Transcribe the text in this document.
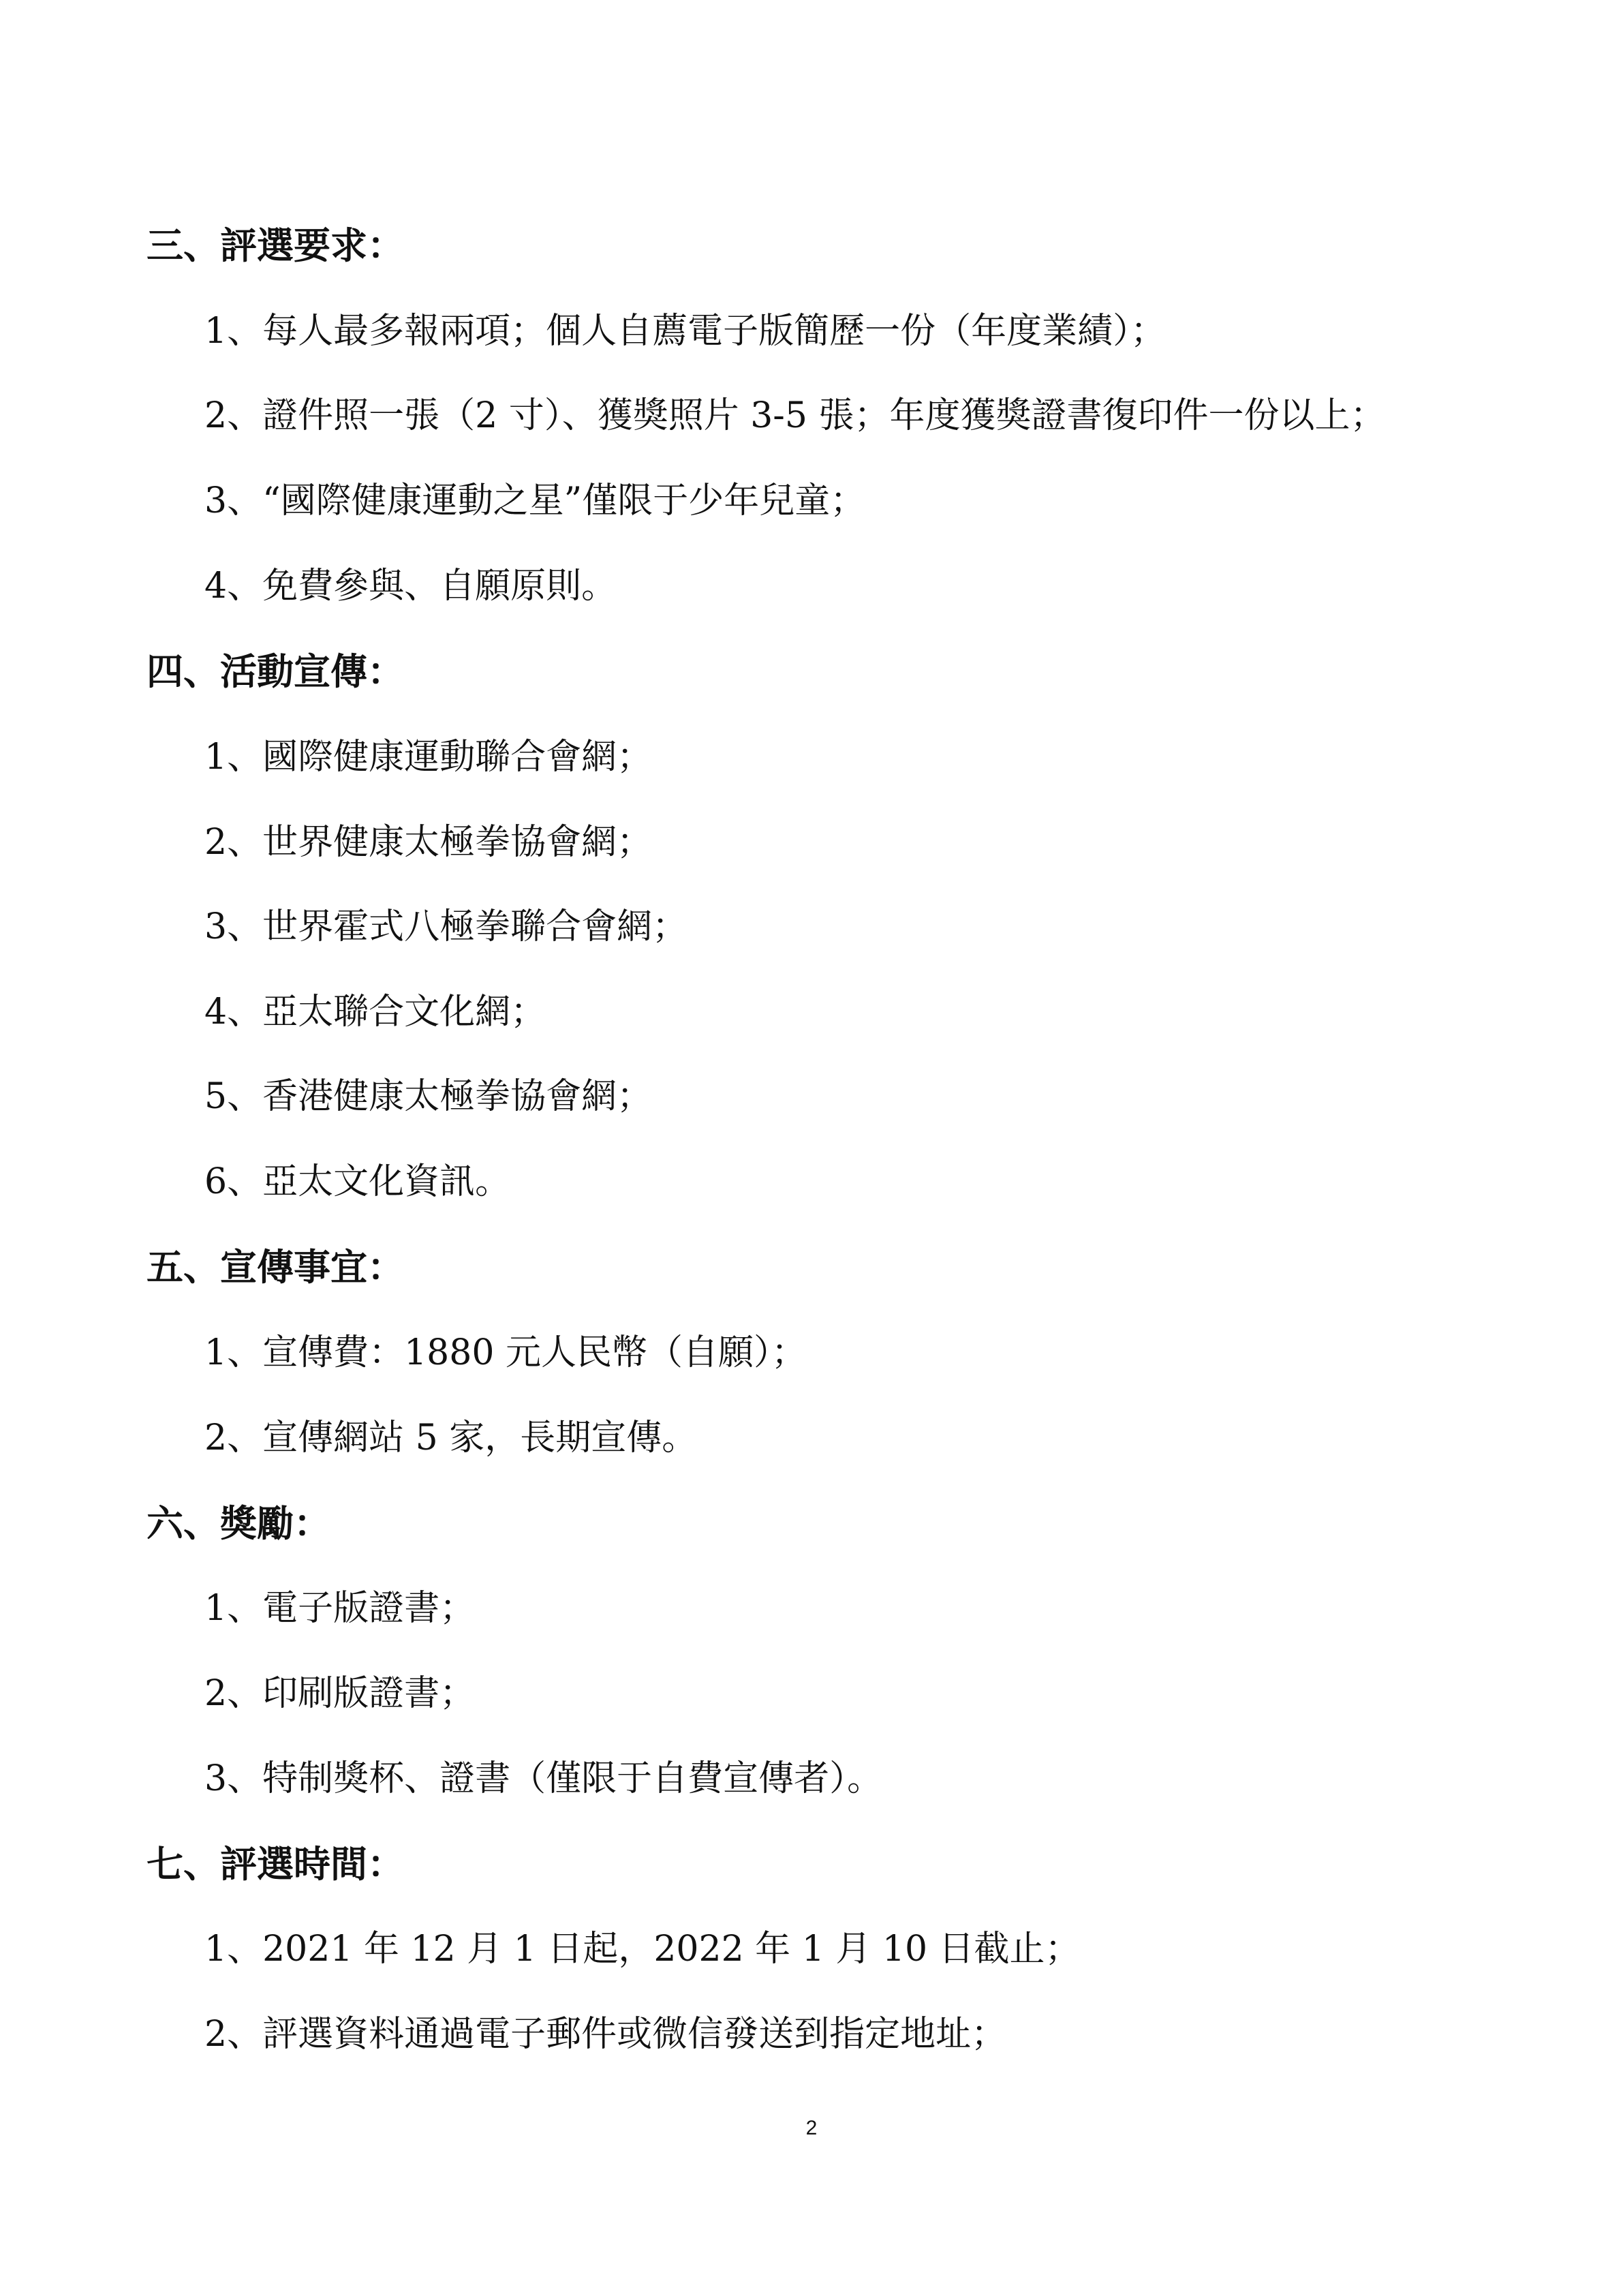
三、評選要求：
1、每人最多報兩項；個人自薦電子版簡歷一份（年度業績）；
2、證件照一張（2 寸）、獲獎照片 3-5 張；年度獲獎證書復印件一份以上；
3、“國際健康運動之星”僅限于少年兒童；
4、免費參與、自願原則。
四、活動宣傳：
1、國際健康運動聯合會網；
2、世界健康太極拳協會網；
3、世界霍式八極拳聯合會網；
4、亞太聯合文化網；
5、香港健康太極拳協會網；
6、亞太文化資訊。
五、宣傳事宜：
1、宣傳費：1880 元人民幣（自願）；
2、宣傳網站 5 家，長期宣傳。
六、獎勵：
1、電子版證書；
2、印刷版證書；
3、特制獎杯、證書（僅限于自費宣傳者）。
七、評選時間：
1、2021 年 12 月 1 日起，2022 年 1 月 10 日截止；
2、評選資料通過電子郵件或微信發送到指定地址；
2
